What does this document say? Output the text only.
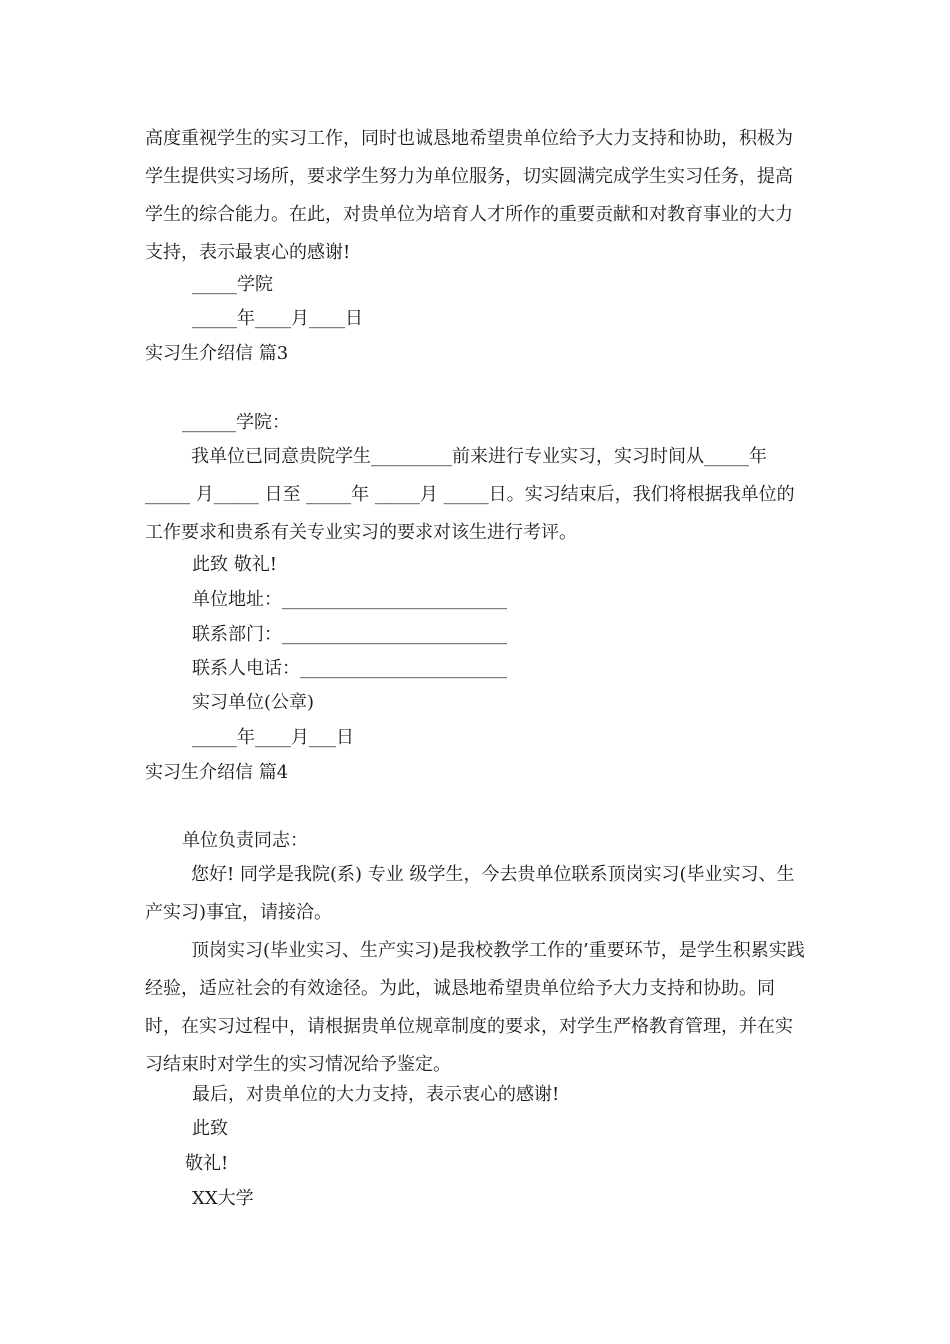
高度重视学生的实习工作，同时也诚恳地希望贵单位给予大力支持和协助，积极为学生提供实习场所，要求学生努力为单位服务，切实圆满完成学生实习任务，提高学生的综合能力。在此，对贵单位为培育人才所作的重要贡献和对教育事业的大力支持，表示最衷心的感谢!

_____学院

_____年____月____日

实习生介绍信 篇3

______学院：

我单位已同意贵院学生_________前来进行专业实习，实习时间从_____年_____ 月_____ 日至 _____年 _____月 _____日。实习结束后，我们将根据我单位的工作要求和贵系有关专业实习的要求对该生进行考评。

此致 敬礼!

单位地址：_________________________

联系部门：_________________________

联系人电话：_______________________

实习单位(公章)

_____年____月___日

实习生介绍信 篇4

单位负责同志：

您好! 同学是我院(系) 专业 级学生，今去贵单位联系顶岗实习(毕业实习、生产实习)事宜，请接洽。

顶岗实习(毕业实习、生产实习)是我校教学工作的’重要环节，是学生积累实践经验，适应社会的有效途径。为此，诚恳地希望贵单位给予大力支持和协助。同时，在实习过程中，请根据贵单位规章制度的要求，对学生严格教育管理，并在实习结束时对学生的实习情况给予鉴定。

最后，对贵单位的大力支持，表示衷心的感谢!

此致

敬礼!

XX大学
